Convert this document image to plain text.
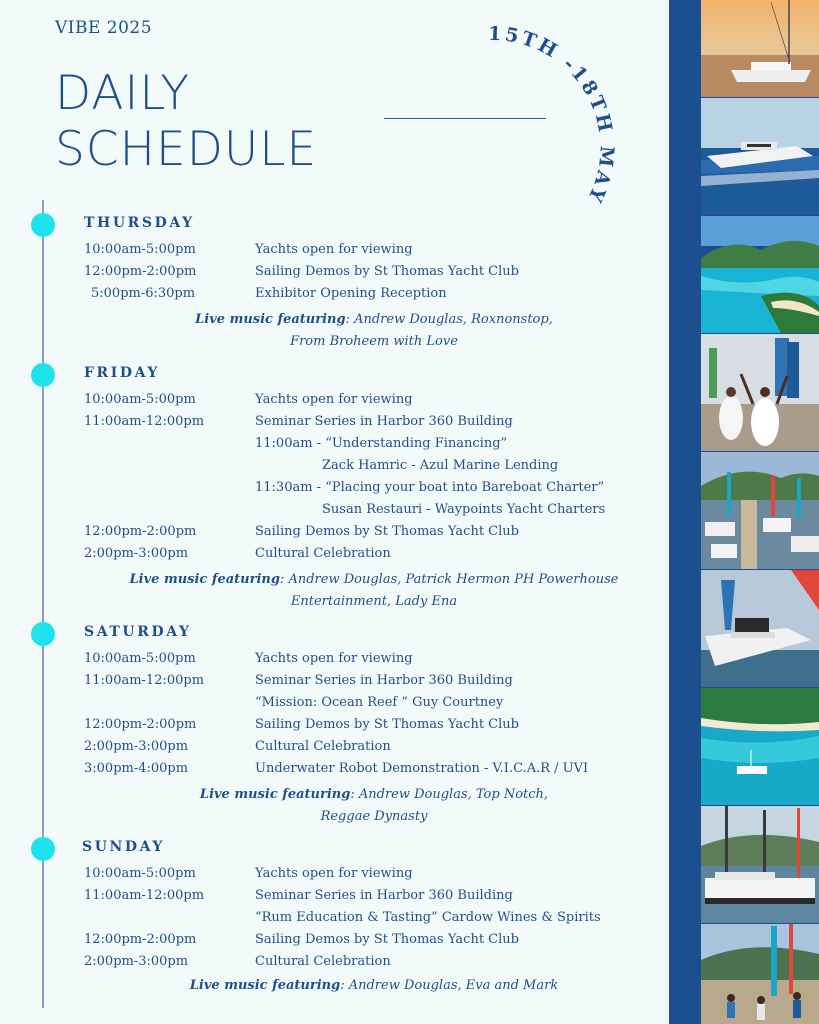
VIBE 2025
DAILY
SCHEDULE
15TH -18TH MAY
THURSDAY
10:00am-5:00pm	Yachts open for viewing
12:00pm-2:00pm	Sailing Demos by St Thomas Yacht Club
5:00pm-6:30pm	Exhibitor Opening Reception
Live music featuring: Andrew Douglas, Roxnonstop,
From Broheem with Love
FRIDAY
10:00am-5:00pm	Yachts open for viewing
11:00am-12:00pm	Seminar Series in Harbor 360 Building
11:00am - “Understanding Financing”
Zack Hamric - Azul Marine Lending
11:30am - “Placing your boat into Bareboat Charter”
Susan Restauri - Waypoints Yacht Charters
12:00pm-2:00pm	Sailing Demos by St Thomas Yacht Club
2:00pm-3:00pm	Cultural Celebration
Live music featuring: Andrew Douglas, Patrick Hermon PH Powerhouse
Entertainment, Lady Ena
SATURDAY
10:00am-5:00pm	Yachts open for viewing
11:00am-12:00pm	Seminar Series in Harbor 360 Building
“Mission: Ocean Reef ” Guy Courtney
12:00pm-2:00pm	Sailing Demos by St Thomas Yacht Club
2:00pm-3:00pm	Cultural Celebration
3:00pm-4:00pm	Underwater Robot Demonstration - V.I.C.A.R / UVI
Live music featuring: Andrew Douglas, Top Notch,
Reggae Dynasty
SUNDAY
10:00am-5:00pm	Yachts open for viewing
11:00am-12:00pm	Seminar Series in Harbor 360 Building
“Rum Education & Tasting” Cardow Wines & Spirits
12:00pm-2:00pm	Sailing Demos by St Thomas Yacht Club
2:00pm-3:00pm	Cultural Celebration
Live music featuring: Andrew Douglas, Eva and Mark
